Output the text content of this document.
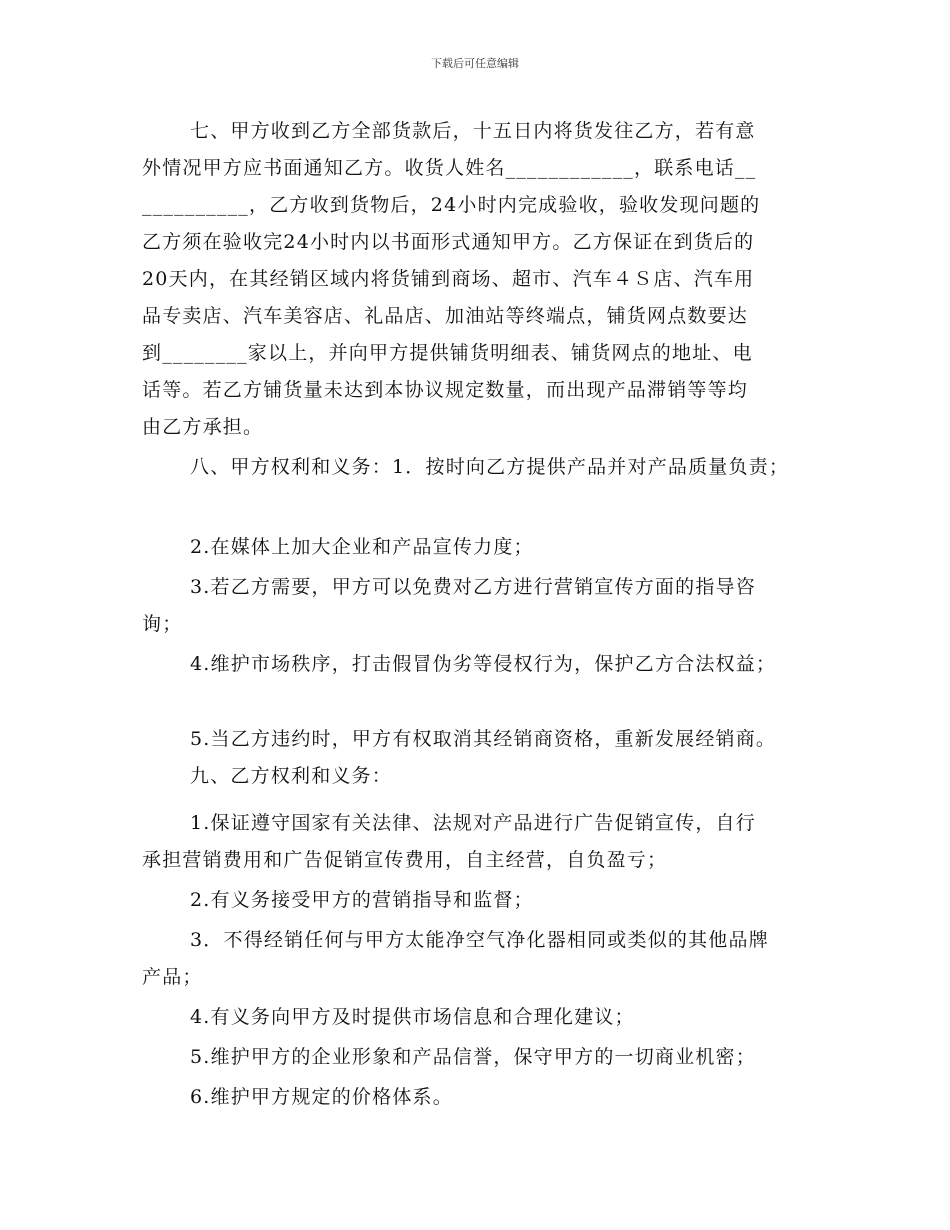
下载后可任意编辑
七、甲方收到乙方全部货款后，十五日内将货发往乙方，若有意
外情况甲方应书面通知乙方。收货人姓名____________，联系电话__
__________，乙方收到货物后，24小时内完成验收，验收发现问题的
乙方须在验收完24小时内以书面形式通知甲方。乙方保证在到货后的
20天内，在其经销区域内将货铺到商场、超市、汽车４Ｓ店、汽车用
品专卖店、汽车美容店、礼品店、加油站等终端点，铺货网点数要达
到________家以上，并向甲方提供铺货明细表、铺货网点的地址、电
话等。若乙方铺货量未达到本协议规定数量，而出现产品滞销等等均
由乙方承担。
八、甲方权利和义务：1．按时向乙方提供产品并对产品质量负责；
2.在媒体上加大企业和产品宣传力度；
3.若乙方需要，甲方可以免费对乙方进行营销宣传方面的指导咨
询；
4.维护市场秩序，打击假冒伪劣等侵权行为，保护乙方合法权益；
5.当乙方违约时，甲方有权取消其经销商资格，重新发展经销商。
九、乙方权利和义务：
1.保证遵守国家有关法律、法规对产品进行广告促销宣传，自行
承担营销费用和广告促销宣传费用，自主经营，自负盈亏；
2.有义务接受甲方的营销指导和监督；
3．不得经销任何与甲方太能净空气净化器相同或类似的其他品牌
产品；
4.有义务向甲方及时提供市场信息和合理化建议；
5.维护甲方的企业形象和产品信誉，保守甲方的一切商业机密；
6.维护甲方规定的价格体系。
